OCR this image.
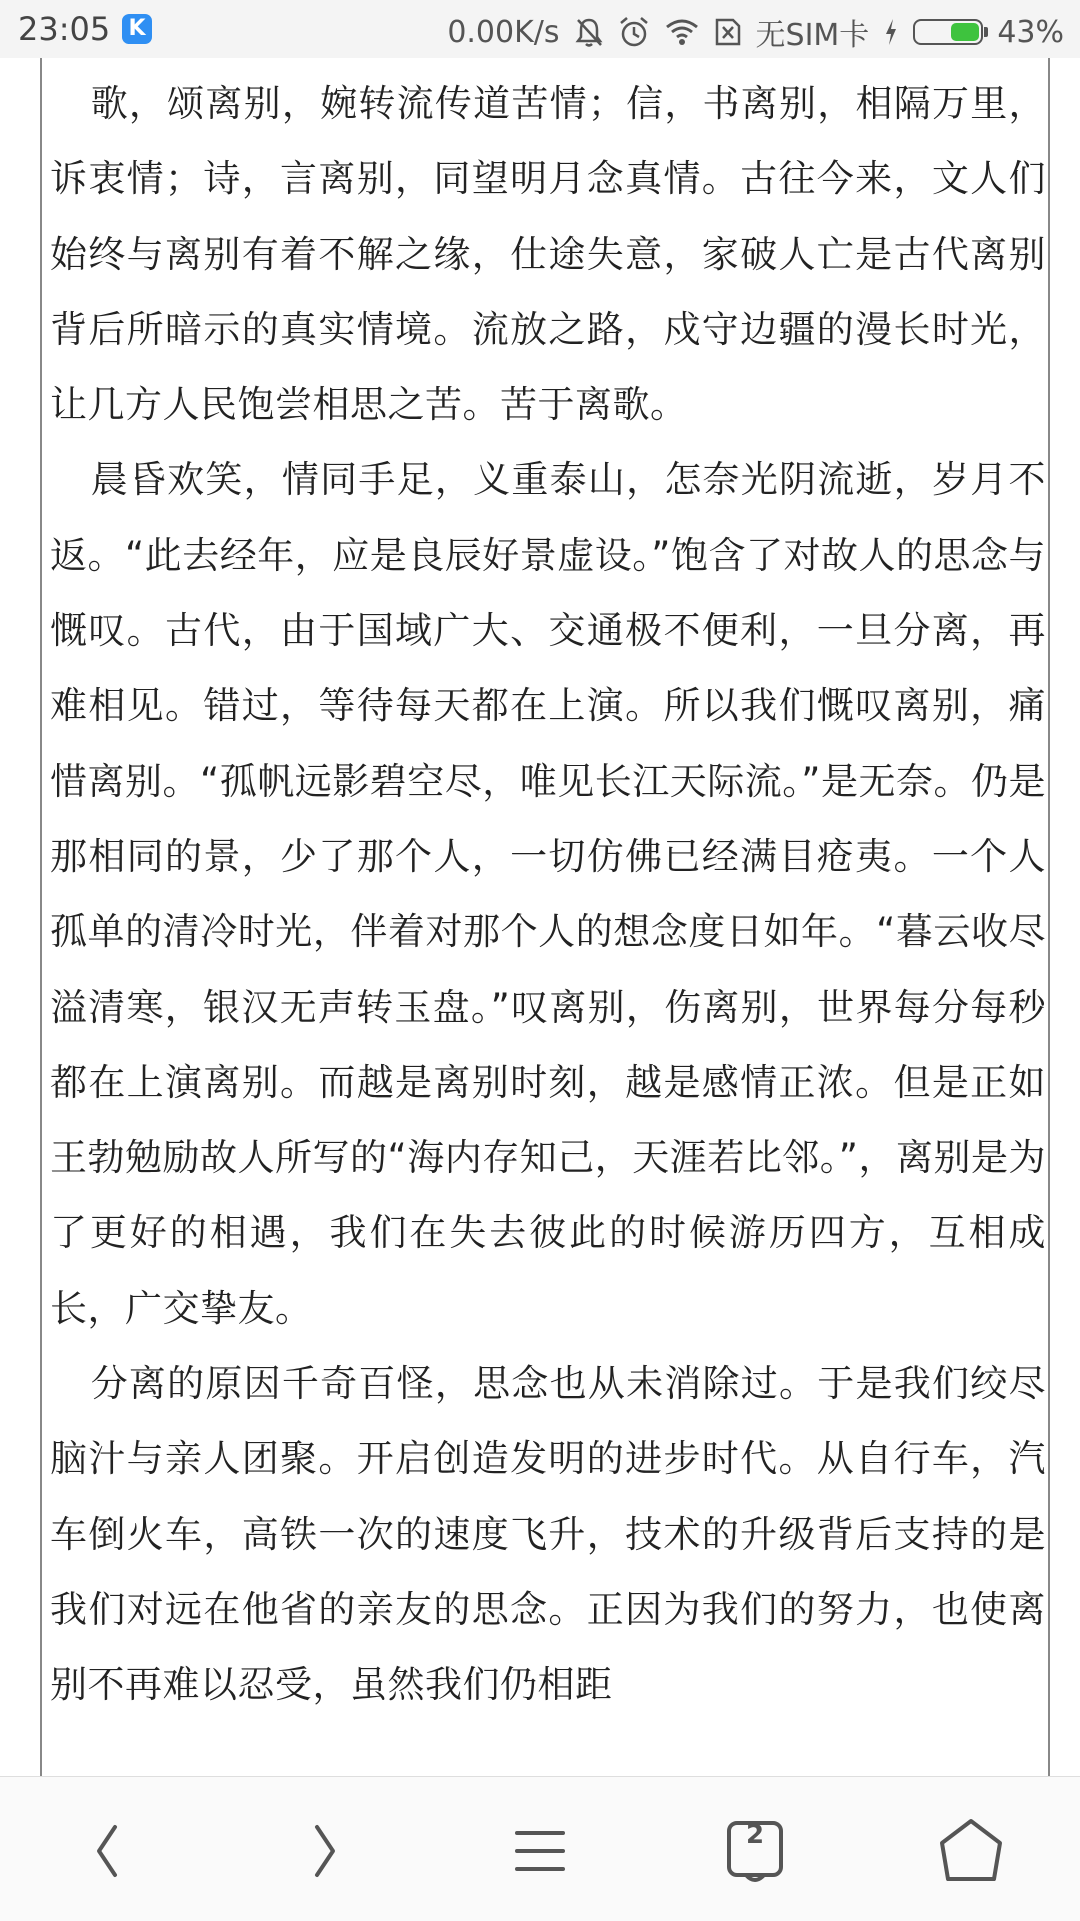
23:05 K	0.00K/s	无SIM卡	43%

歌，颂离别，婉转流传道苦情；信，书离别，相隔万里，诉衷情；诗，言离别，同望明月念真情。古往今来，文人们始终与离别有着不解之缘，仕途失意，家破人亡是古代离别背后所暗示的真实情境。流放之路，戍守边疆的漫长时光，让几方人民饱尝相思之苦。苦于离歌。

晨昏欢笑，情同手足，义重泰山，怎奈光阴流逝，岁月不返。“此去经年，应是良辰好景虚设。”饱含了对故人的思念与慨叹。古代，由于国域广大、交通极不便利，一旦分离，再难相见。错过，等待每天都在上演。所以我们慨叹离别，痛惜离别。“孤帆远影碧空尽，唯见长江天际流。”是无奈。仍是那相同的景，少了那个人，一切仿佛已经满目疮夷。一个人孤单的清冷时光，伴着对那个人的想念度日如年。“暮云收尽溢清寒，银汉无声转玉盘。”叹离别，伤离别，世界每分每秒都在上演离别。而越是离别时刻，越是感情正浓。但是正如王勃勉励故人所写的“海内存知己，天涯若比邻。”，离别是为了更好的相遇，我们在失去彼此的时候游历四方，互相成长，广交挚友。

分离的原因千奇百怪，思念也从未消除过。于是我们绞尽脑汁与亲人团聚。开启创造发明的进步时代。从自行车，汽车倒火车，高铁一次的速度飞升，技术的升级背后支持的是我们对远在他省的亲友的思念。正因为我们的努力，也使离别不再难以忍受，虽然我们仍相距

2
